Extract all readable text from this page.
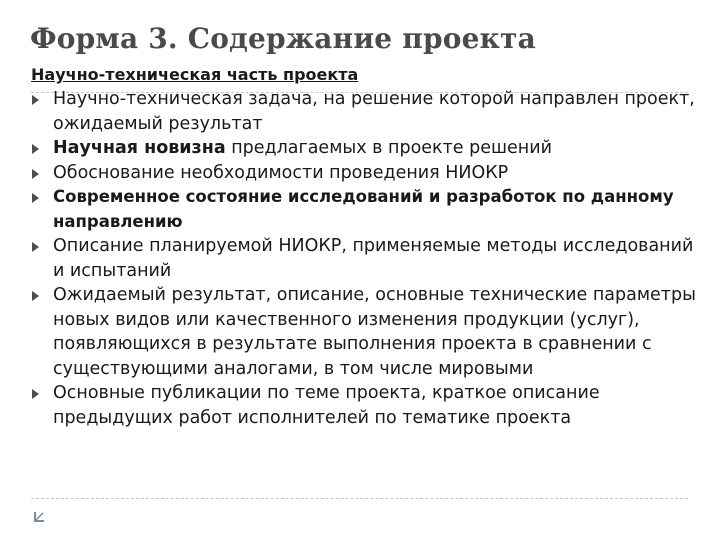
Форма 3. Содержание проекта
Научно-техническая часть проекта
Научно-техническая задача, на решение которой направлен проект, ожидаемый результат
Научная новизна предлагаемых в проекте решений
Обоснование необходимости проведения НИОКР
Современное состояние исследований и разработок по данному направлению
Описание планируемой НИОКР, применяемые методы исследований и испытаний
Ожидаемый результат, описание, основные технические параметры новых видов или качественного изменения продукции (услуг), появляющихся в результате выполнения проекта в сравнении с существующими аналогами, в том числе мировыми
Основные публикации по теме проекта, краткое описание предыдущих работ исполнителей по тематике проекта
